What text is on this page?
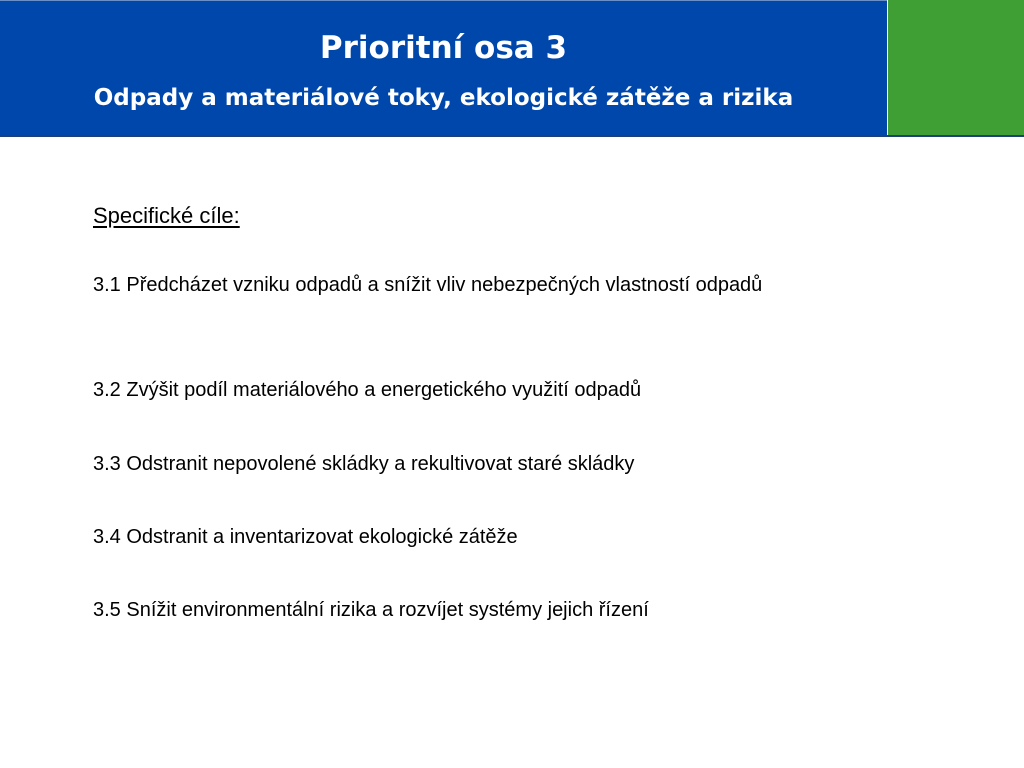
Prioritní osa 3
Odpady a materiálové toky, ekologické zátěže a rizika
Specifické cíle:
3.1 Předcházet vzniku odpadů a snížit vliv nebezpečných vlastností odpadů
3.2 Zvýšit podíl materiálového a energetického využití odpadů
3.3 Odstranit nepovolené skládky a rekultivovat staré skládky
3.4 Odstranit a inventarizovat ekologické zátěže
3.5 Snížit environmentální rizika a rozvíjet systémy jejich řízení
